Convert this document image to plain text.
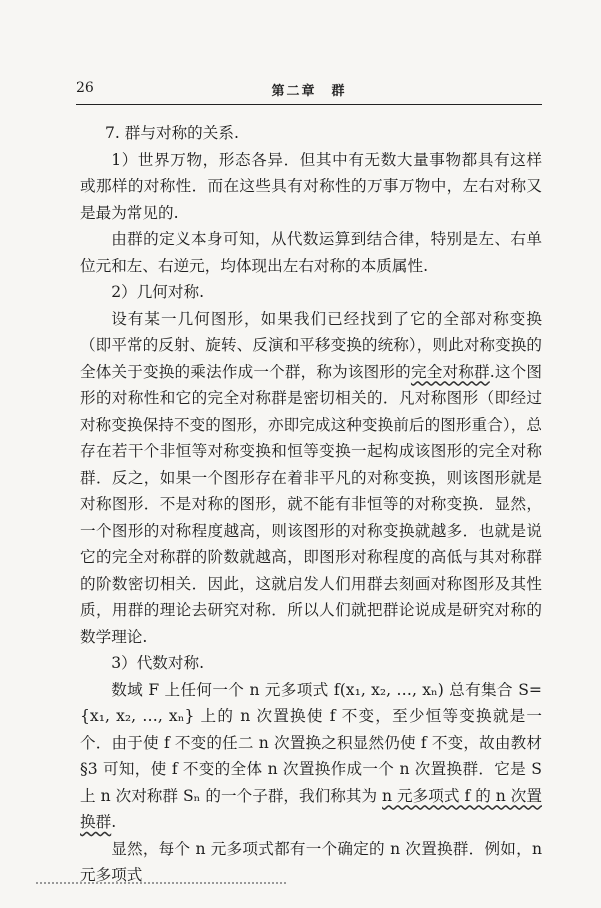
26	第二章　群

7. 群与对称的关系.

1）世界万物，形态各异．但其中有无数大量事物都具有这样或那样的对称性．而在这些具有对称性的万事万物中，左右对称又是最为常见的.

由群的定义本身可知，从代数运算到结合律，特别是左、右单位元和左、右逆元，均体现出左右对称的本质属性.

2）几何对称.

设有某一几何图形，如果我们已经找到了它的全部对称变换（即平常的反射、旋转、反演和平移变换的统称），则此对称变换的全体关于变换的乘法作成一个群，称为该图形的完全对称群.这个图形的对称性和它的完全对称群是密切相关的．凡对称图形（即经过对称变换保持不变的图形，亦即完成这种变换前后的图形重合），总存在若干个非恒等对称变换和恒等变换一起构成该图形的完全对称群．反之，如果一个图形存在着非平凡的对称变换，则该图形就是对称图形．不是对称的图形，就不能有非恒等的对称变换．显然，一个图形的对称程度越高，则该图形的对称变换就越多．也就是说它的完全对称群的阶数就越高，即图形对称程度的高低与其对称群的阶数密切相关．因此，这就启发人们用群去刻画对称图形及其性质，用群的理论去研究对称．所以人们就把群论说成是研究对称的数学理论.

3）代数对称.

数域 F 上任何一个 n 元多项式 f(x₁, x₂, …, xₙ) 总有集合 S={x₁, x₂, …, xₙ} 上的 n 次置换使 f 不变，至少恒等变换就是一个．由于使 f 不变的任二 n 次置换之积显然仍使 f 不变，故由教材 §3 可知，使 f 不变的全体 n 次置换作成一个 n 次置换群．它是 S 上 n 次对称群 Sₙ 的一个子群，我们称其为 n 元多项式 f 的 n 次置换群.

显然，每个 n 元多项式都有一个确定的 n 次置换群．例如，n 元多项式
